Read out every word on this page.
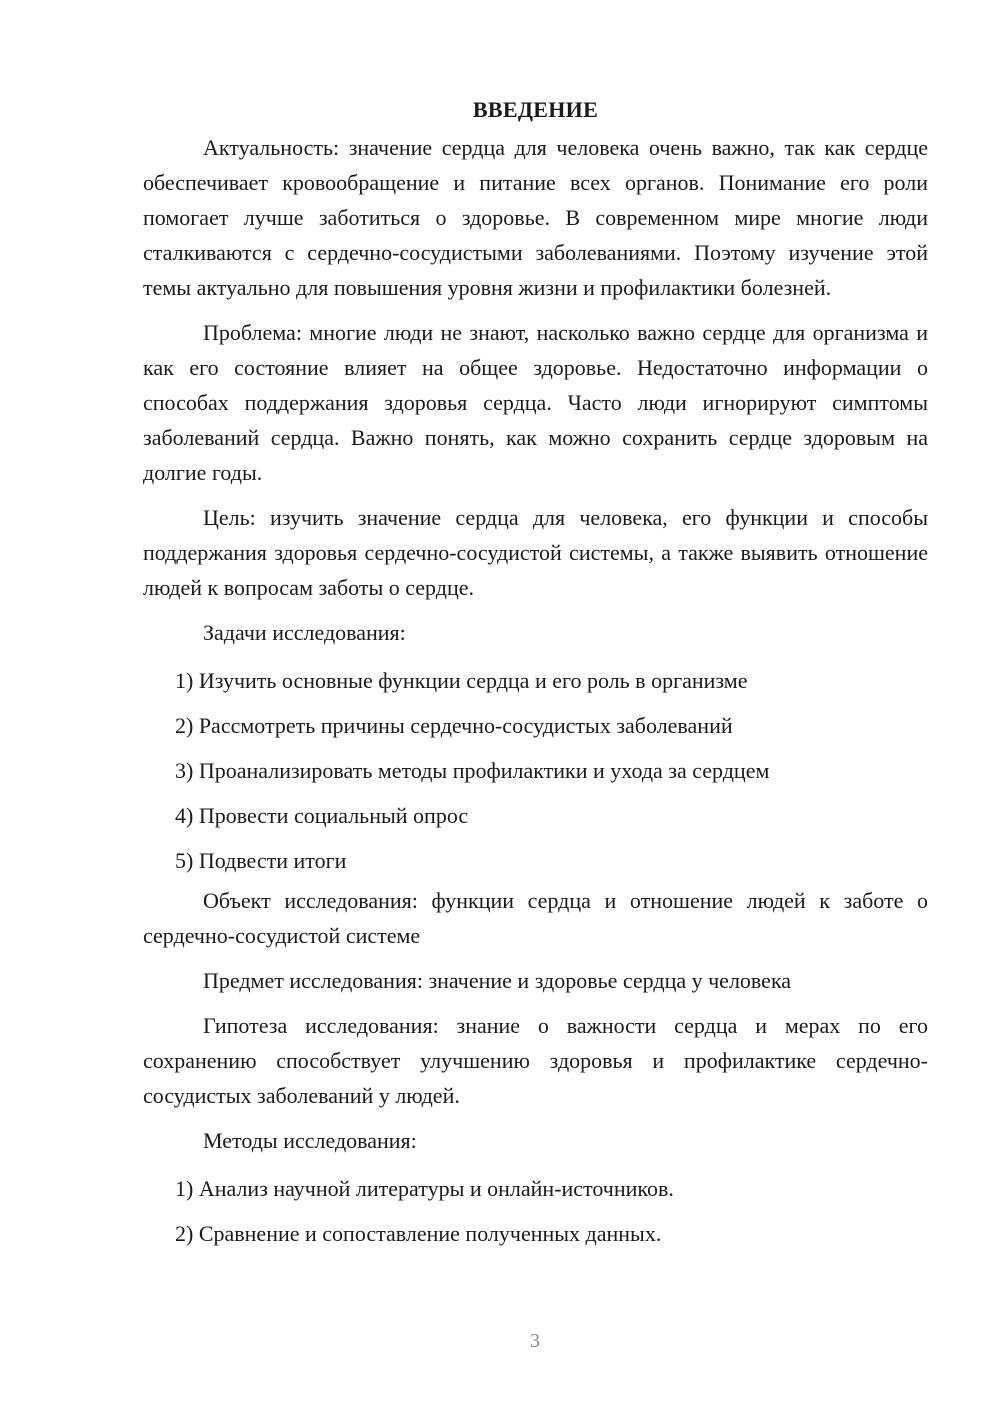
ВВЕДЕНИЕ

Актуальность: значение сердца для человека очень важно, так как сердце обеспечивает кровообращение и питание всех органов. Понимание его роли помогает лучше заботиться о здоровье. В современном мире многие люди сталкиваются с сердечно-сосудистыми заболеваниями. Поэтому изучение этой темы актуально для повышения уровня жизни и профилактики болезней.

Проблема: многие люди не знают, насколько важно сердце для организма и как его состояние влияет на общее здоровье. Недостаточно информации о способах поддержания здоровья сердца. Часто люди игнорируют симптомы заболеваний сердца. Важно понять, как можно сохранить сердце здоровым на долгие годы.

Цель: изучить значение сердца для человека, его функции и способы поддержания здоровья сердечно-сосудистой системы, а также выявить отношение людей к вопросам заботы о сердце.

Задачи исследования:

1) Изучить основные функции сердца и его роль в организме
2) Рассмотреть причины сердечно-сосудистых заболеваний
3) Проанализировать методы профилактики и ухода за сердцем
4) Провести социальный опрос
5) Подвести итоги

Объект исследования: функции сердца и отношение людей к заботе о сердечно-сосудистой системе

Предмет исследования: значение и здоровье сердца у человека

Гипотеза исследования: знание о важности сердца и мерах по его сохранению способствует улучшению здоровья и профилактике сердечно-сосудистых заболеваний у людей.

Методы исследования:

1) Анализ научной литературы и онлайн-источников.
2) Сравнение и сопоставление полученных данных.
3
